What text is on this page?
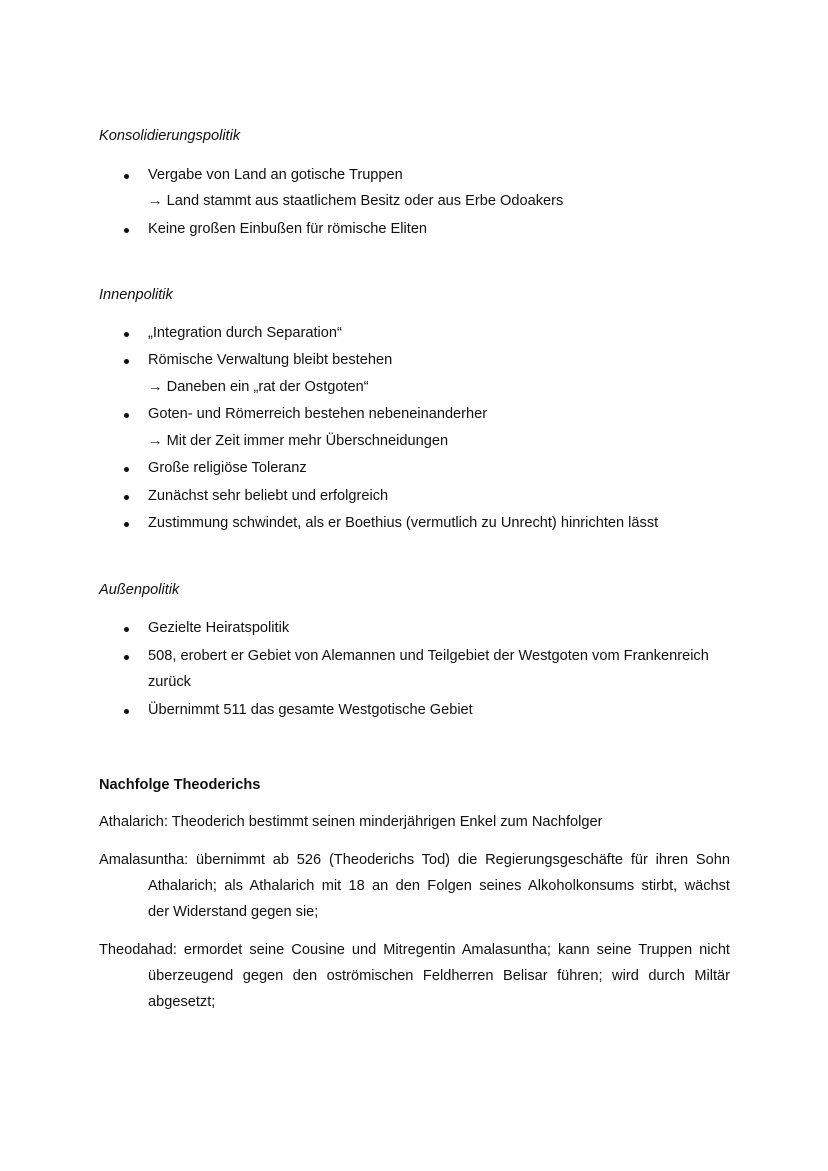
Konsolidierungspolitik
Vergabe von Land an gotische Truppen
→ Land stammt aus staatlichem Besitz oder aus Erbe Odoakers
Keine großen Einbußen für römische Eliten
Innenpolitik
„Integration durch Separation“
Römische Verwaltung bleibt bestehen
→ Daneben ein „rat der Ostgoten“
Goten- und Römerreich bestehen nebeneinanderher
→ Mit der Zeit immer mehr Überschneidungen
Große religiöse Toleranz
Zunächst sehr beliebt und erfolgreich
Zustimmung schwindet, als er Boethius (vermutlich zu Unrecht) hinrichten lässt
Außenpolitik
Gezielte Heiratspolitik
508, erobert er Gebiet von Alemannen und Teilgebiet der Westgoten vom Frankenreich
zurück
Übernimmt 511 das gesamte Westgotische Gebiet
Nachfolge Theoderichs
Athalarich: Theoderich bestimmt seinen minderjährigen Enkel zum Nachfolger
Amalasuntha: übernimmt ab 526 (Theoderichs Tod) die Regierungsgeschäfte für ihren Sohn
Athalarich; als Athalarich mit 18 an den Folgen seines Alkoholkonsums stirbt, wächst
der Widerstand gegen sie;
Theodahad: ermordet seine Cousine und Mitregentin Amalasuntha; kann seine Truppen nicht
überzeugend gegen den oströmischen Feldherren Belisar führen; wird durch Miltär
abgesetzt;
